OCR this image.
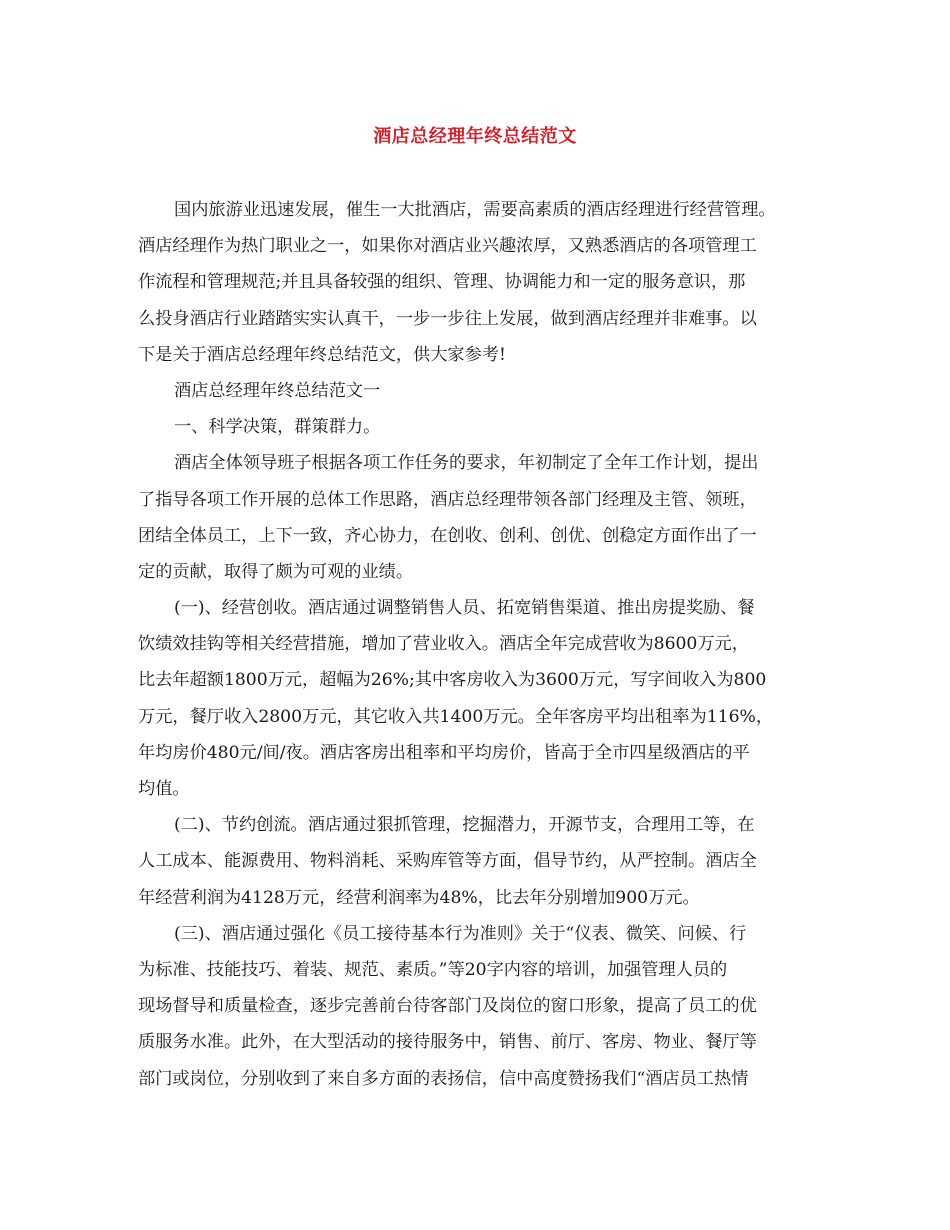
酒店总经理年终总结范文
国内旅游业迅速发展，催生一大批酒店，需要高素质的酒店经理进行经营管理。
酒店经理作为热门职业之一，如果你对酒店业兴趣浓厚，又熟悉酒店的各项管理工
作流程和管理规范;并且具备较强的组织、管理、协调能力和一定的服务意识，那
么投身酒店行业踏踏实实认真干，一步一步往上发展，做到酒店经理并非难事。以
下是关于酒店总经理年终总结范文，供大家参考!
酒店总经理年终总结范文一
一、科学决策，群策群力。
酒店全体领导班子根据各项工作任务的要求，年初制定了全年工作计划，提出
了指导各项工作开展的总体工作思路，酒店总经理带领各部门经理及主管、领班，
团结全体员工，上下一致，齐心协力，在创收、创利、创优、创稳定方面作出了一
定的贡献，取得了颇为可观的业绩。
(一)、经营创收。酒店通过调整销售人员、拓宽销售渠道、推出房提奖励、餐
饮绩效挂钩等相关经营措施，增加了营业收入。酒店全年完成营收为8600万元，
比去年超额1800万元，超幅为26%;其中客房收入为3600万元，写字间收入为800
万元，餐厅收入2800万元，其它收入共1400万元。全年客房平均出租率为116%，
年均房价480元/间/夜。酒店客房出租率和平均房价，皆高于全市四星级酒店的平
均值。
(二)、节约创流。酒店通过狠抓管理，挖掘潜力，开源节支，合理用工等，在
人工成本、能源费用、物料消耗、采购库管等方面，倡导节约，从严控制。酒店全
年经营利润为4128万元，经营利润率为48%，比去年分别增加900万元。
(三)、酒店通过强化《员工接待基本行为准则》关于“仪表、微笑、问候、行
为标准、技能技巧、着装、规范、素质。”等20字内容的培训，加强管理人员的
现场督导和质量检查，逐步完善前台待客部门及岗位的窗口形象，提高了员工的优
质服务水准。此外，在大型活动的接待服务中，销售、前厅、客房、物业、餐厅等
部门或岗位，分别收到了来自多方面的表扬信，信中高度赞扬我们“酒店员工热情
